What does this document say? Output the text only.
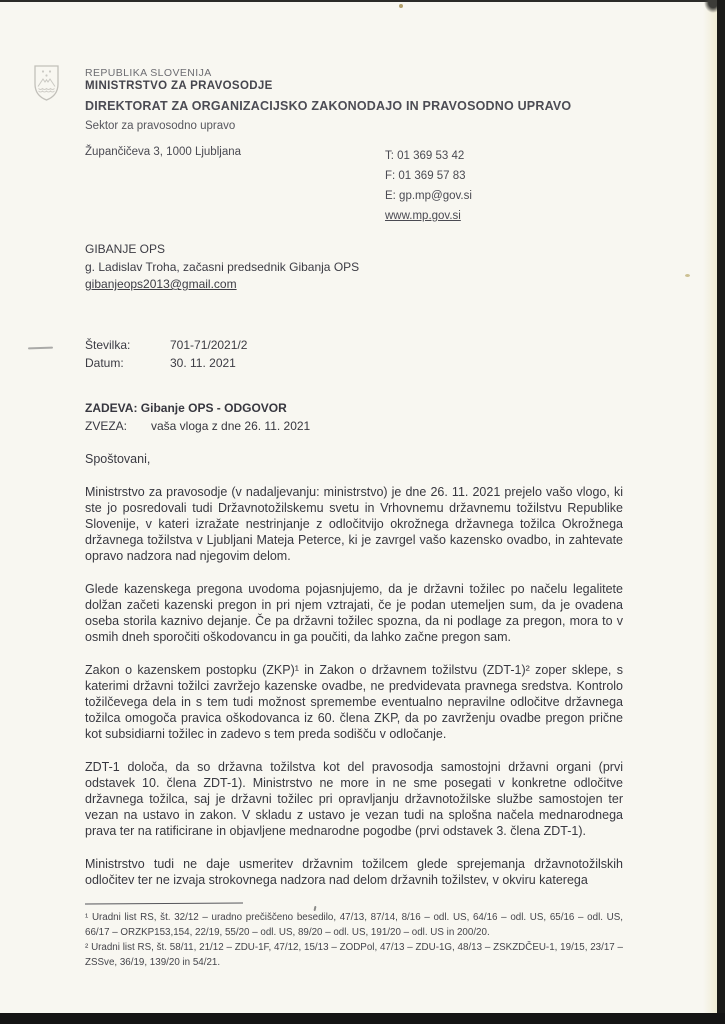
REPUBLIKA SLOVENIJA
MINISTRSTVO ZA PRAVOSODJE
DIREKTORAT ZA ORGANIZACIJSKO ZAKONODAJO IN PRAVOSODNO UPRAVO
Sektor za pravosodno upravo
Župančičeva 3, 1000 Ljubljana	T: 01 369 53 42
F: 01 369 57 83
E: gp.mp@gov.si
www.mp.gov.si
GIBANJE OPS
g. Ladislav Troha, začasni predsednik Gibanja OPS
gibanjeops2013@gmail.com
Številka:	701-71/2021/2
Datum:	30. 11. 2021
ZADEVA: Gibanje OPS - ODGOVOR
ZVEZA: vaša vloga z dne 26. 11. 2021
Spoštovani,

Ministrstvo za pravosodje (v nadaljevanju: ministrstvo) je dne 26. 11. 2021 prejelo vašo vlogo, ki ste jo posredovali tudi Državnotožilskemu svetu in Vrhovnemu državnemu tožilstvu Republike Slovenije, v kateri izražate nestrinjanje z odločitvijo okrožnega državnega tožilca Okrožnega državnega tožilstva v Ljubljani Mateja Peterce, ki je zavrgel vašo kazensko ovadbo, in zahtevate opravo nadzora nad njegovim delom.

Glede kazenskega pregona uvodoma pojasnjujemo, da je državni tožilec po načelu legalitete dolžan začeti kazenski pregon in pri njem vztrajati, če je podan utemeljen sum, da je ovadena oseba storila kaznivo dejanje. Če pa državni tožilec spozna, da ni podlage za pregon, mora to v osmih dneh sporočiti oškodovancu in ga poučiti, da lahko začne pregon sam.

Zakon o kazenskem postopku (ZKP)¹ in Zakon o državnem tožilstvu (ZDT-1)² zoper sklepe, s katerimi državni tožilci zavržejo kazenske ovadbe, ne predvidevata pravnega sredstva. Kontrolo tožilčevega dela in s tem tudi možnost spremembe eventualno nepravilne odločitve državnega tožilca omogoča pravica oškodovanca iz 60. člena ZKP, da po zavrženju ovadbe pregon prične kot subsidiarni tožilec in zadevo s tem preda sodišču v odločanje.

ZDT-1 določa, da so državna tožilstva kot del pravosodja samostojni državni organi (prvi odstavek 10. člena ZDT-1). Ministrstvo ne more in ne sme posegati v konkretne odločitve državnega tožilca, saj je državni tožilec pri opravljanju državnotožilske službe samostojen ter vezan na ustavo in zakon. V skladu z ustavo je vezan tudi na splošna načela mednarodnega prava ter na ratificirane in objavljene mednarodne pogodbe (prvi odstavek 3. člena ZDT-1).

Ministrstvo tudi ne daje usmeritev državnim tožilcem glede sprejemanja državnotožilskih odločitev ter ne izvaja strokovnega nadzora nad delom državnih tožilstev, v okviru katerega

¹ Uradni list RS, št. 32/12 – uradno prečiščeno besedilo, 47/13, 87/14, 8/16 – odl. US, 64/16 – odl. US, 65/16 – odl. US, 66/17 – ORZKP153,154, 22/19, 55/20 – odl. US, 89/20 – odl. US, 191/20 – odl. US in 200/20.

² Uradni list RS, št. 58/11, 21/12 – ZDU-1F, 47/12, 15/13 – ZODPol, 47/13 – ZDU-1G, 48/13 – ZSKZDČEU-1, 19/15, 23/17 – ZSSve, 36/19, 139/20 in 54/21.
